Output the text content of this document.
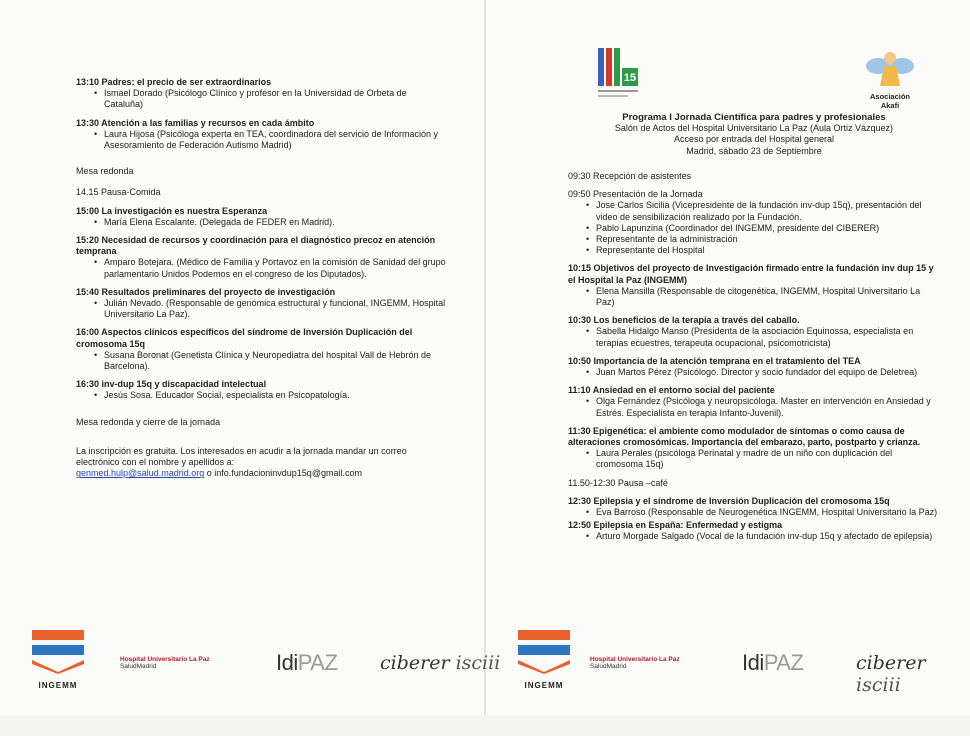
13:10 Padres: el precio de ser extraordinarios
• Ismael Dorado (Psicólogo Clínico y profesor en la Universidad de Orbeta de Cataluña)
13:30 Atención a las familias y recursos en cada ámbito
• Laura Hijosa (Psicóloga experta en TEA, coordinadora del servicio de Información y Asesoramiento de Federación Autismo Madrid)
Mesa redonda
14.15 Pausa-Comida
15:00 La investigación es nuestra Esperanza
• María Elena Escalante. (Delegada de FEDER en Madrid).
15:20 Necesidad de recursos y coordinación para el diagnóstico precoz en atención temprana
• Amparo Botejara. (Médico de Familia y Portavoz en la comisión de Sanidad del grupo parlamentario Unidos Podemos en el congreso de los Diputados).
15:40 Resultados preliminares del proyecto de investigación
• Julián Nevado. (Responsable de genómica estructural y funcional, INGEMM, Hospital Universitario La Paz).
16:00 Aspectos clínicos específicos del síndrome de Inversión Duplicación del cromosoma 15q
• Susana Boronat (Genetista Clínica y Neuropediatra del hospital Vall de Hebrón de Barcelona).
16:30 inv-dup 15q y discapacidad intelectual
• Jesús Sosa. Educador Social, especialista en Psicopatología.
Mesa redonda y cierre de la jornada
La inscripción es gratuita. Los interesados en acudir a la jornada mandar un correo electrónico con el nombre y apellidos a:
genmed.hulp@salud.madrid.org o info.fundacioninvdup15q@gmail.com
15
Asociación Akafi
Programa I Jornada Científica para padres y profesionales
Salón de Actos del Hospital Universitario La Paz (Aula Ortiz Vázquez)
Acceso por entrada del Hospital general
Madrid, sábado 23 de Septiembre
09:30 Recepción de asistentes
09:50 Presentación de la Jornada
• Jose Carlos Sicilia (Vicepresidente de la fundación inv-dup 15q), presentación del video de sensibilización realizado por la Fundación.
• Pablo Lapunzina (Coordinador del INGEMM, presidente del CIBERER)
• Representante de la administración
• Representante del Hospital
10:15 Objetivos del proyecto de Investigación firmado entre la fundación inv dup 15 y el Hospital la Paz (INGEMM)
• Elena Mansilla (Responsable de citogenética, INGEMM, Hospital Universitario La Paz)
10:30 Los beneficios de la terapia a través del caballo.
• Sabella Hidalgo Manso (Presidenta de la asociación Equinossa, especialista en terapias ecuestres, terapeuta ocupacional, psicomotricista)
10:50 Importancia de la atención temprana en el tratamiento del TEA
• Juan Martos Pérez (Psicólogo. Director y socio fundador del equipo de Deletrea)
11:10 Ansiedad en el entorno social del paciente
• Olga Fernández (Psicóloga y neuropsicóloga. Master en intervención en Ansiedad y Estrés. Especialista en terapia Infanto-Juvenil).
11:30 Epigenética: el ambiente como modulador de síntomas o como causa de alteraciones cromosómicas. Importancia del embarazo, parto, postparto y crianza.
• Laura Perales (psicóloga Perinatal y madre de un niño con duplicación del cromosoma 15q)
11.50-12:30 Pausa –café
12:30 Epilepsia y el síndrome de Inversión Duplicación del cromosoma 15q
• Eva Barroso (Responsable de Neurogenética INGEMM, Hospital Universitario la Paz)
12:50 Epilepsia en España: Enfermedad y estigma
• Arturo Morgade Salgado (Vocal de la fundación inv-dup 15q y afectado de epilepsia)
INGEMM
Hospital Universitario La Paz
SaludMadrid	IdiPAZ ciberer isciii
INGEMM
Hospital Universitario La Paz
SaludMadrid	IdiPAZ	ciberer isciii
